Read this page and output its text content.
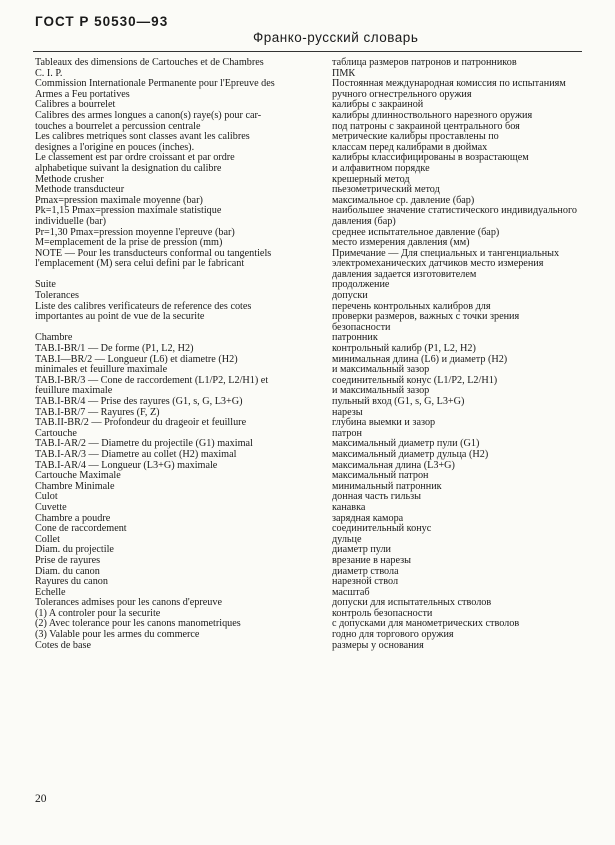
ГОСТ Р 50530—93
Франко-русский словарь
Tableaux des dimensions de Cartouches et de Chambres
C. I. P.
Commission Internationale Permanente pour l'Epreuve des
Armes a Feu portatives
Calibres a bourrelet
Calibres des armes longues a canon(s) raye(s) pour car-
touches a bourrelet a percussion centrale
Les calibres metriques sont classes avant les calibres
designes a l'origine en pouces (inches).
Le classement est par ordre croissant et par ordre
alphabetique suivant la designation du calibre
Methode crusher
Methode transducteur
Pmax=pression maximale moyenne (bar)
Pk=1,15 Pmax=pression maximale statistique
individuelle (bar)
Pr=1,30 Pmax=pression moyenne l'epreuve (bar)
M=emplacement de la prise de pression (mm)
NOTE — Pour les transducteurs conformal ou tangentiels
l'emplacement (M) sera celui defini par le fabricant
Suite
Tolerances
Liste des calibres verificateurs de reference des cotes
importantes au point de vue de la securite
Chambre
TAB.I-BR/1 — De forme (P1, L2, H2)
TAB.I—BR/2 — Longueur (L6) et diametre (H2)
minimales et feuillure maximale
TAB.I-BR/3 — Cone de raccordement (L1/P2, L2/H1) et
feuillure maximale
TAB.I-BR/4 — Prise des rayures (G1, s, G, L3+G)
TAB.I-BR/7 — Rayures (F, Z)
TAB.II-BR/2 — Profondeur du drageoir et feuillure
Cartouche
TAB.I-AR/2 — Diametre du projectile (G1) maximal
TAB.I-AR/3 — Diametre au collet (H2) maximal
TAB.I-AR/4 — Longueur (L3+G) maximale
Cartouche Maximale
Chambre Minimale
Culot
Cuvette
Chambre a poudre
Cone de raccordement
Collet
Diam. du projectile
Prise de rayures
Diam. du canon
Rayures du canon
Echelle
Tolerances admises pour les canons d'epreuve
(1) A controler pour la securite
(2) Avec tolerance pour les canons manometriques
(3) Valable pour les armes du commerce
Cotes de base
таблица размеров патронов и патронников
ПМК
Постоянная международная комиссия по испытаниям
ручного огнестрельного оружия
калибры с закраиной
калибры длинноствольного нарезного оружия
под патроны с закраиной центрального боя
метрические калибры проставлены по
классам перед калибрами в дюймах
калибры классифицированы в возрастающем
и алфавитном порядке
крешерный метод
пьезометрический метод
максимальное ср. давление (бар)
наибольшее значение статистического индивидуального
давления (бар)
среднее испытательное давление (бар)
место измерения давления (мм)
Примечание — Для специальных и тангенциальных
электромеханических датчиков место измерения
давления задается изготовителем
продолжение
допуски
перечень контрольных калибров для
проверки размеров, важных с точки зрения
безопасности
патронник
контрольный калибр (P1, L2, H2)
минимальная длина (L6) и диаметр (H2)
и максимальный зазор
соединительный конус (L1/P2, L2/H1)
и максимальный зазор
пульный вход (G1, s, G, L3+G)
нарезы
глубина выемки и зазор
патрон
максимальный диаметр пули (G1)
максимальный диаметр дульца (H2)
максимальная длина (L3+G)
максимальный патрон
минимальный патронник
донная часть гильзы
канавка
зарядная камора
соединительный конус
дульце
диаметр пули
врезание в нарезы
диаметр ствола
нарезной ствол
масштаб
допуски для испытательных стволов
контроль безопасности
с допусками для манометрических стволов
годно для торгового оружия
размеры у основания
20
